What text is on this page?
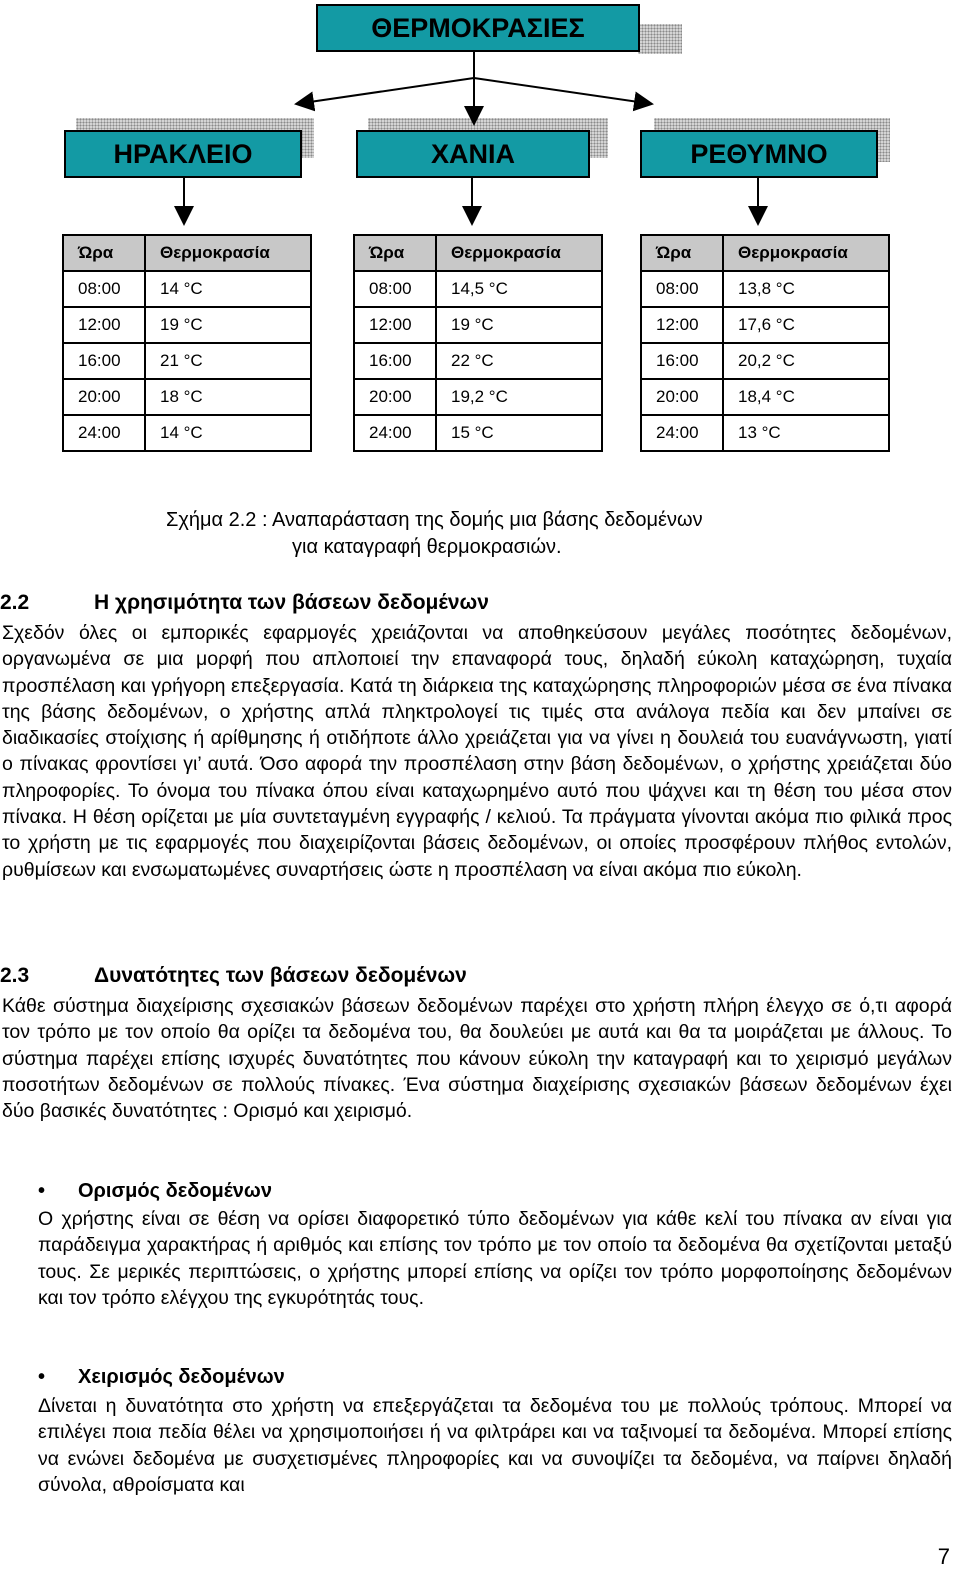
ΘΕΡΜΟΚΡΑΣΙΕΣ
ΗΡΑΚΛΕΙΟ	ΧΑΝΙΑ	ΡΕΘΥΜΝΟ
Ώρα	Θερμοκρασία
08:00	14 °C
12:00	19 °C
16:00	21 °C
20:00	18 °C
24:00	14 °C
Ώρα	Θερμοκρασία
08:00	14,5 °C
12:00	19 °C
16:00	22 °C
20:00	19,2 °C
24:00	15 °C
Ώρα	Θερμοκρασία
08:00	13,8 °C
12:00	17,6 °C
16:00	20,2 °C
20:00	18,4 °C
24:00	13 °C
Σχήμα 2.2 : Αναπαράσταση της δομής μια βάσης δεδομένων
για καταγραφή θερμοκρασιών.
2.2	Η χρησιμότητα των βάσεων δεδομένων

Σχεδόν όλες οι εμπορικές εφαρμογές χρειάζονται να αποθηκεύσουν μεγάλες ποσότητες δεδομένων, οργανωμένα σε μια μορφή που απλοποιεί την επαναφορά τους, δηλαδή εύκολη καταχώρηση, τυχαία προσπέλαση και γρήγορη επεξεργασία. Κατά τη διάρκεια της καταχώρησης πληροφοριών μέσα σε ένα πίνακα της βάσης δεδομένων, ο χρήστης απλά πληκτρολογεί τις τιμές στα ανάλογα πεδία και δεν μπαίνει σε διαδικασίες στοίχισης ή αρίθμησης ή οτιδήποτε άλλο χρειάζεται για να γίνει η δουλειά του ευανάγνωστη, γιατί ο πίνακας φροντίσει γι’ αυτά. Όσο αφορά την προσπέλαση στην βάση δεδομένων, ο χρήστης χρειάζεται δύο πληροφορίες. Το όνομα του πίνακα όπου είναι καταχωρημένο αυτό που ψάχνει και τη θέση του μέσα στον πίνακα. Η θέση ορίζεται με μία συντεταγμένη εγγραφής / κελιού. Τα πράγματα γίνονται ακόμα πιο φιλικά προς το χρήστη με τις εφαρμογές που διαχειρίζονται βάσεις δεδομένων, οι οποίες προσφέρουν πλήθος εντολών, ρυθμίσεων και ενσωματωμένες συναρτήσεις ώστε η προσπέλαση να είναι ακόμα πιο εύκολη.

2.3	Δυνατότητες των βάσεων δεδομένων

Κάθε σύστημα διαχείρισης σχεσιακών βάσεων δεδομένων παρέχει στο χρήστη πλήρη έλεγχο σε ό,τι αφορά τον τρόπο με τον οποίο θα ορίζει τα δεδομένα του, θα δουλεύει με αυτά και θα τα μοιράζεται με άλλους. Το σύστημα παρέχει επίσης ισχυρές δυνατότητες που κάνουν εύκολη την καταγραφή και το χειρισμό μεγάλων ποσοτήτων δεδομένων σε πολλούς πίνακες. Ένα σύστημα διαχείρισης σχεσιακών βάσεων δεδομένων έχει δύο βασικές δυνατότητες : Ορισμό και χειρισμό.

• Ορισμός δεδομένων

Ο χρήστης είναι σε θέση να ορίσει διαφορετικό τύπο δεδομένων για κάθε κελί του πίνακα αν είναι για παράδειγμα χαρακτήρας ή αριθμός και επίσης τον τρόπο με τον οποίο τα δεδομένα θα σχετίζονται μεταξύ τους. Σε μερικές περιπτώσεις, ο χρήστης μπορεί επίσης να ορίζει τον τρόπο μορφοποίησης δεδομένων και τον τρόπο ελέγχου της εγκυρότητάς τους.

• Χειρισμός δεδομένων

Δίνεται η δυνατότητα στο χρήστη να επεξεργάζεται τα δεδομένα του με πολλούς τρόπους. Μπορεί να επιλέγει ποια πεδία θέλει να χρησιμοποιήσει ή να φιλτράρει και να ταξινομεί τα δεδομένα. Μπορεί επίσης να ενώνει δεδομένα με συσχετισμένες πληροφορίες και να συνοψίζει τα δεδομένα, να παίρνει δηλαδή σύνολα, αθροίσματα και

7
